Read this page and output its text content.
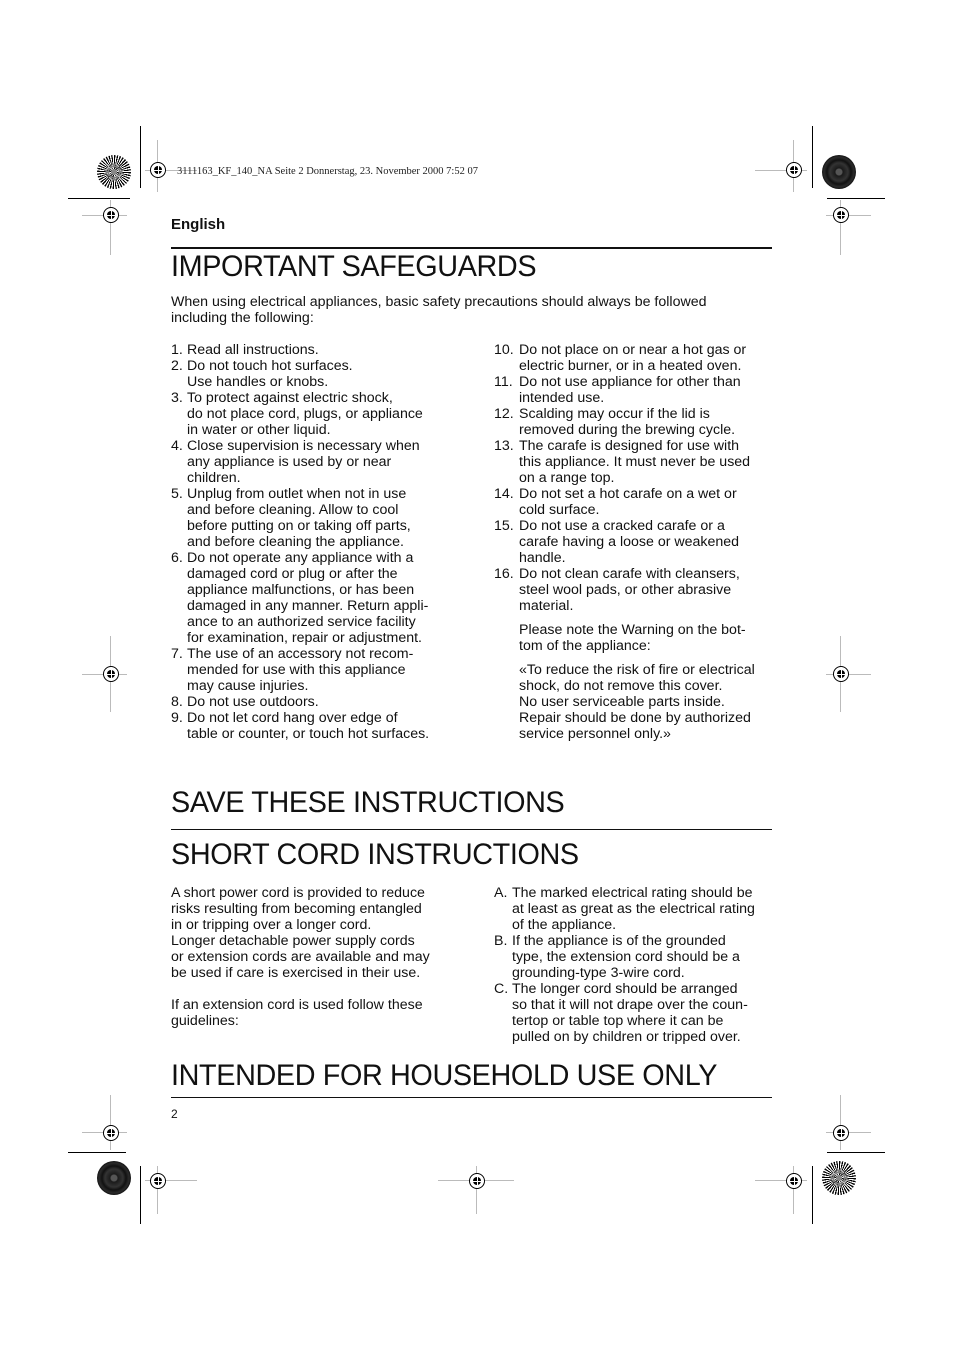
3111163_KF_140_NA Seite 2 Donnerstag, 23. November 2000 7:52 07
English
IMPORTANT SAFEGUARDS
When using electrical appliances, basic safety precautions should always be followed
including the following:
1. Read all instructions.
2. Do not touch hot surfaces.
Use handles or knobs.
3. To protect against electric shock,
do not place cord, plugs, or appliance
in water or other liquid.
4. Close supervision is necessary when
any appliance is used by or near
children.
5. Unplug from outlet when not in use
and before cleaning. Allow to cool
before putting on or taking off parts,
and before cleaning the appliance.
6. Do not operate any appliance with a
damaged cord or plug or after the
appliance malfunctions, or has been
damaged in any manner. Return appli-
ance to an authorized service facility
for examination, repair or adjustment.
7. The use of an accessory not recom-
mended for use with this appliance
may cause injuries.
8. Do not use outdoors.
9. Do not let cord hang over edge of
table or counter, or touch hot surfaces.
10. Do not place on or near a hot gas or
electric burner, or in a heated oven.
11. Do not use appliance for other than
intended use.
12. Scalding may occur if the lid is
removed during the brewing cycle.
13. The carafe is designed for use with
this appliance. It must never be used
on a range top.
14. Do not set a hot carafe on a wet or
cold surface.
15. Do not use a cracked carafe or a
carafe having a loose or weakened
handle.
16. Do not clean carafe with cleansers,
steel wool pads, or other abrasive
material.
Please note the Warning on the bot-
tom of the appliance:
«To reduce the risk of fire or electrical
shock, do not remove this cover.
No user serviceable parts inside.
Repair should be done by authorized
service personnel only.»
SAVE THESE INSTRUCTIONS
SHORT CORD INSTRUCTIONS
A short power cord is provided to reduce
risks resulting from becoming entangled
in or tripping over a longer cord.
Longer detachable power supply cords
or extension cords are available and may
be used if care is exercised in their use.
If an extension cord is used follow these
guidelines:
A. The marked electrical rating should be
at least as great as the electrical rating
of the appliance.
B. If the appliance is of the grounded
type, the extension cord should be a
grounding-type 3-wire cord.
C. The longer cord should be arranged
so that it will not drape over the coun-
tertop or table top where it can be
pulled on by children or tripped over.
INTENDED FOR HOUSEHOLD USE ONLY
2
